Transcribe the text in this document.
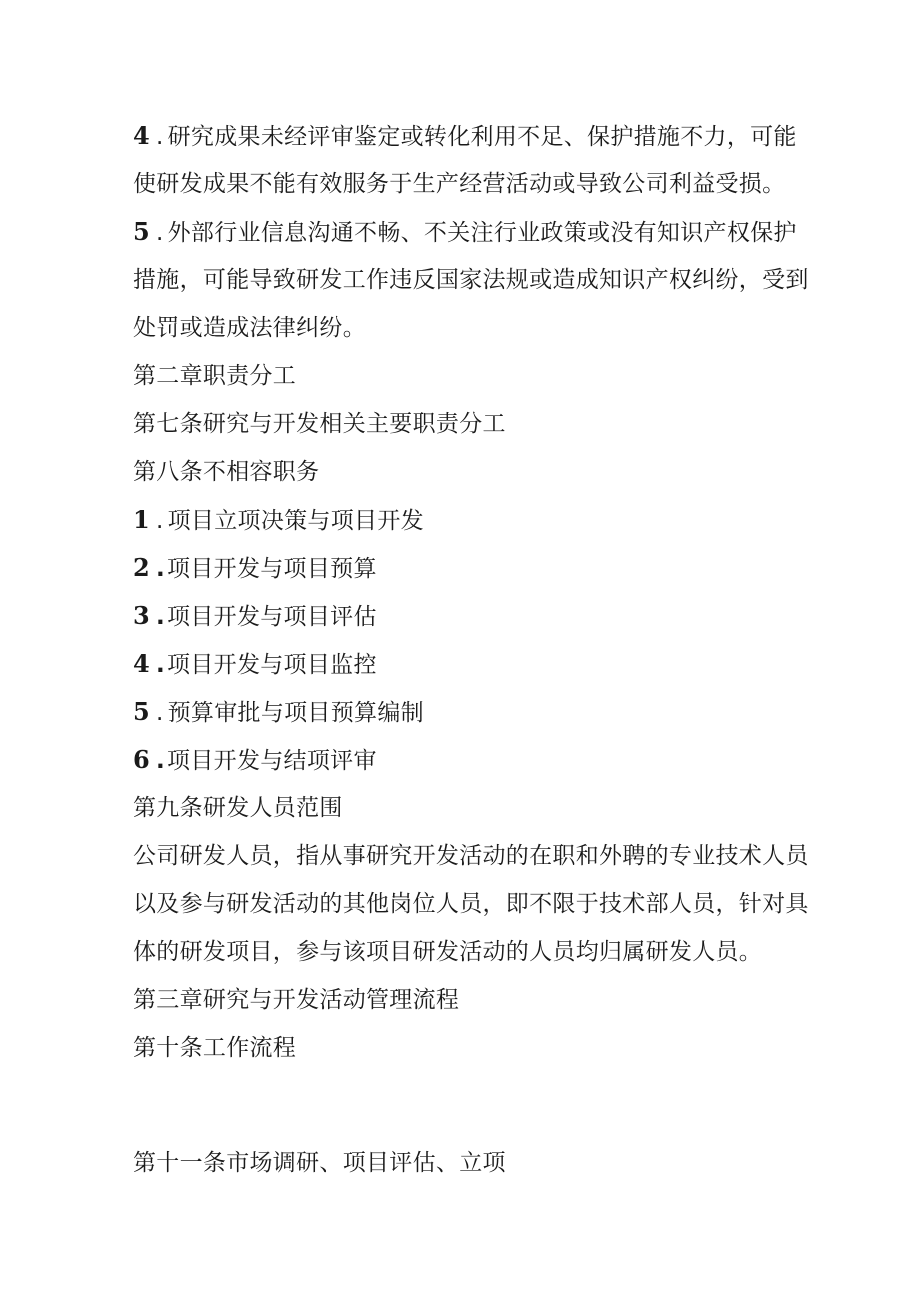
4 . 研究成果未经评审鉴定或转化利用不足、保护措施不力，可能
使研发成果不能有效服务于生产经营活动或导致公司利益受损。
5 . 外部行业信息沟通不畅、不关注行业政策或没有知识产权保护
措施，可能导致研发工作违反国家法规或造成知识产权纠纷，受到
处罚或造成法律纠纷。
第二章职责分工
第七条研究与开发相关主要职责分工
第八条不相容职务
1 . 项目立项决策与项目开发
2 .项目开发与项目预算
3 .项目开发与项目评估
4 .项目开发与项目监控
5 . 预算审批与项目预算编制
6 .项目开发与结项评审
第九条研发人员范围
公司研发人员，指从事研究开发活动的在职和外聘的专业技术人员
以及参与研发活动的其他岗位人员，即不限于技术部人员，针对具
体的研发项目，参与该项目研发活动的人员均归属研发人员。
第三章研究与开发活动管理流程
第十条工作流程
第十一条市场调研、项目评估、立项
